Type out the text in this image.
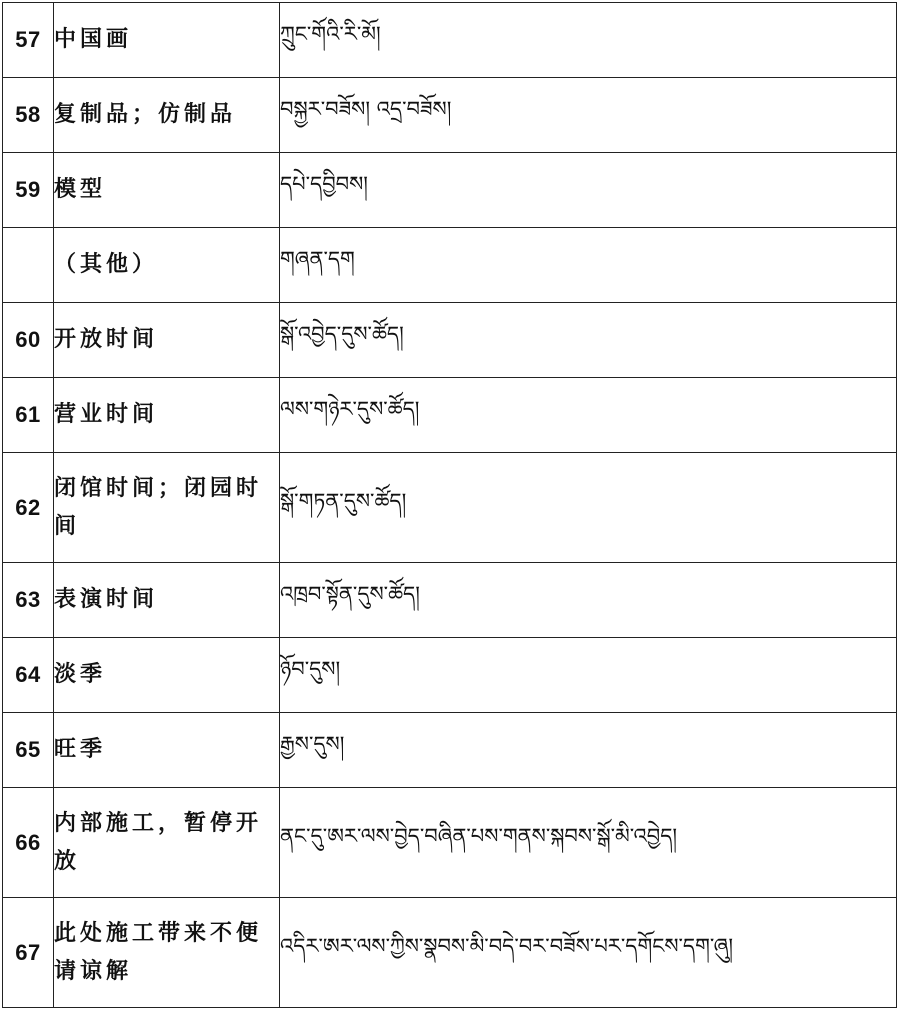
57	中国画	ཀྲུང་གོའི་རི་མོ།
58	复制品；仿制品	བསྐྱར་བཟོས། འདྲ་བཟོས།
59	模型	དཔེ་དབྱིབས།
	（其他）	གཞན་དག
60	开放时间	སྒོ་འབྱེད་དུས་ཚོད།
61	营业时间	ལས་གཉེར་དུས་ཚོད།
62	闭馆时间；闭园时间	སྒོ་གཏན་དུས་ཚོད།
63	表演时间	འཁྲབ་སྟོན་དུས་ཚོད།
64	淡季	ཉོབ་དུས།
65	旺季	རྒྱས་དུས།
66	内部施工，暂停开放	ནང་དུ་ཨར་ལས་བྱེད་བཞིན་པས་གནས་སྐབས་སྒོ་མི་འབྱེད།
67	此处施工带来不便请谅解	འདིར་ཨར་ལས་ཀྱིས་སྣབས་མི་བདེ་བར་བཟོས་པར་དགོངས་དག་ཞུ།
